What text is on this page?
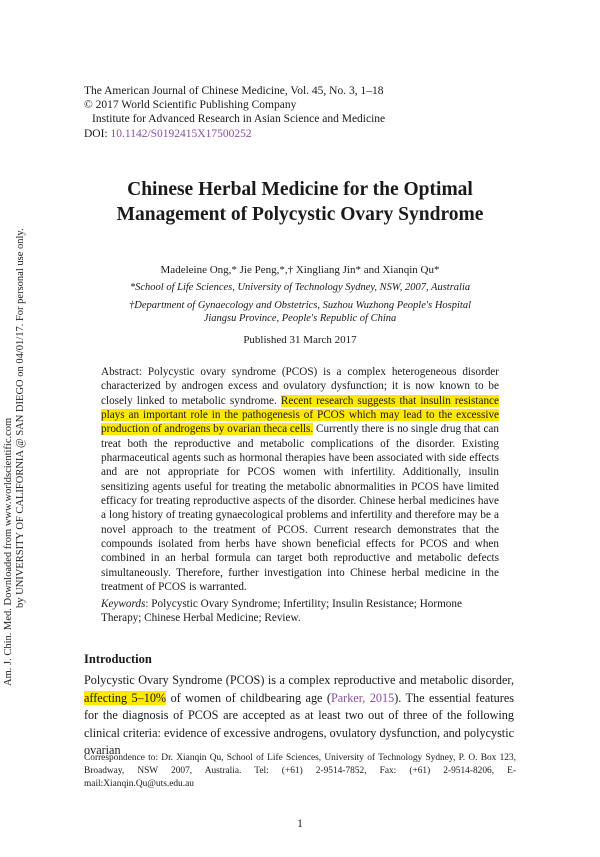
Am. J. Chin. Med. Downloaded from www.worldscientific.com by UNIVERSITY OF CALIFORNIA @ SAN DIEGO on 04/01/17. For personal use only.
The American Journal of Chinese Medicine, Vol. 45, No. 3, 1–18
© 2017 World Scientific Publishing Company
Institute for Advanced Research in Asian Science and Medicine
DOI: 10.1142/S0192415X17500252
Chinese Herbal Medicine for the Optimal
Management of Polycystic Ovary Syndrome
Madeleine Ong,* Jie Peng,*,† Xingliang Jin* and Xianqin Qu*
*School of Life Sciences, University of Technology Sydney, NSW, 2007, Australia
†Department of Gynaecology and Obstetrics, Suzhou Wuzhong People's Hospital
Jiangsu Province, People's Republic of China
Published 31 March 2017
Abstract: Polycystic ovary syndrome (PCOS) is a complex heterogeneous disorder characterized by androgen excess and ovulatory dysfunction; it is now known to be closely linked to metabolic syndrome. Recent research suggests that insulin resistance plays an important role in the pathogenesis of PCOS which may lead to the excessive production of androgens by ovarian theca cells. Currently there is no single drug that can treat both the reproductive and metabolic complications of the disorder. Existing pharmaceutical agents such as hormonal therapies have been associated with side effects and are not appropriate for PCOS women with infertility. Additionally, insulin sensitizing agents useful for treating the metabolic abnormalities in PCOS have limited efficacy for treating reproductive aspects of the disorder. Chinese herbal medicines have a long history of treating gynaecological problems and infertility and therefore may be a novel approach to the treatment of PCOS. Current research demonstrates that the compounds isolated from herbs have shown beneficial effects for PCOS and when combined in an herbal formula can target both reproductive and metabolic defects simultaneously. Therefore, further investigation into Chinese herbal medicine in the treatment of PCOS is warranted.
Keywords: Polycystic Ovary Syndrome; Infertility; Insulin Resistance; Hormone Therapy; Chinese Herbal Medicine; Review.
Introduction
Polycystic Ovary Syndrome (PCOS) is a complex reproductive and metabolic disorder, affecting 5–10% of women of childbearing age (Parker, 2015). The essential features for the diagnosis of PCOS are accepted as at least two out of three of the following clinical criteria: evidence of excessive androgens, ovulatory dysfunction, and polycystic ovarian
Correspondence to: Dr. Xianqin Qu, School of Life Sciences, University of Technology Sydney, P. O. Box 123, Broadway, NSW 2007, Australia. Tel: (+61) 2-9514-7852, Fax: (+61) 2-9514-8206, E-mail:Xianqin.Qu@uts.edu.au
1
